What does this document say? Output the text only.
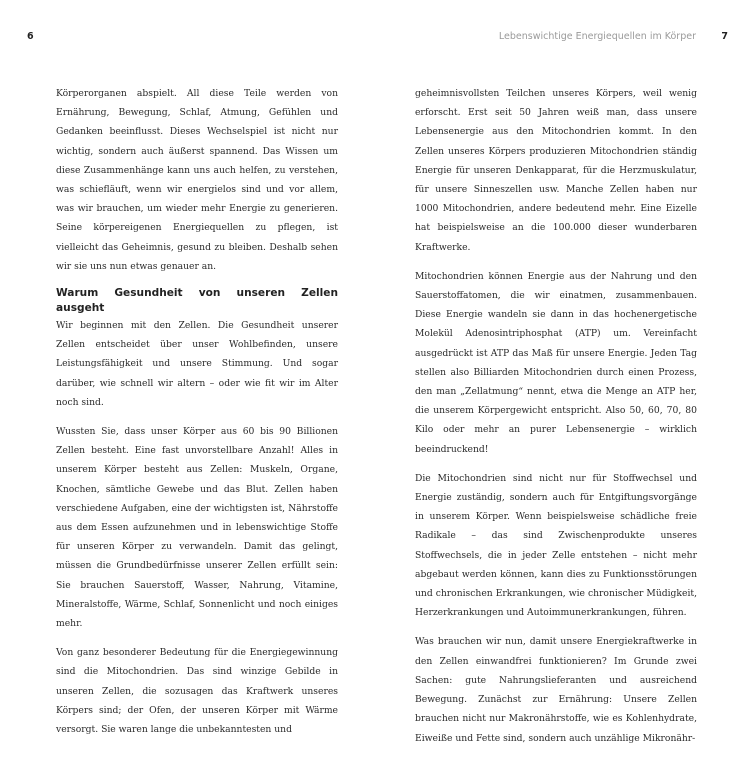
6	Lebenswichtige Energiequellen im Körper	7

Körperorganen abspielt. All diese Teile werden von Ernährung, Bewegung, Schlaf, Atmung, Gefühlen und Gedanken beeinflusst. Dieses Wechselspiel ist nicht nur wichtig, sondern auch äußerst spannend. Das Wissen um diese Zusammenhänge kann uns auch helfen, zu verstehen, was schiefläuft, wenn wir energielos sind und vor allem, was wir brauchen, um wieder mehr Energie zu generieren. Seine körpereigenen Energiequellen zu pflegen, ist vielleicht das Geheimnis, gesund zu bleiben. Deshalb sehen wir sie uns nun etwas genauer an.

Warum Gesundheit von unseren Zellen ausgeht

Wir beginnen mit den Zellen. Die Gesundheit unserer Zellen entscheidet über unser Wohlbefinden, unsere Leistungsfähigkeit und unsere Stimmung. Und sogar darüber, wie schnell wir altern – oder wie fit wir im Alter noch sind.

Wussten Sie, dass unser Körper aus 60 bis 90 Billionen Zellen besteht. Eine fast unvorstellbare Anzahl! Alles in unserem Körper besteht aus Zellen: Muskeln, Organe, Knochen, sämtliche Gewebe und das Blut. Zellen haben verschiedene Aufgaben, eine der wichtigsten ist, Nährstoffe aus dem Essen aufzunehmen und in lebenswichtige Stoffe für unseren Körper zu verwandeln. Damit das gelingt, müssen die Grundbedürfnisse unserer Zellen erfüllt sein: Sie brauchen Sauerstoff, Wasser, Nahrung, Vitamine, Mineralstoffe, Wärme, Schlaf, Sonnenlicht und noch einiges mehr.

Von ganz besonderer Bedeutung für die Energiegewinnung sind die Mitochondrien. Das sind winzige Gebilde in unseren Zellen, die sozusagen das Kraftwerk unseres Körpers sind; der Ofen, der unseren Körper mit Wärme versorgt. Sie waren lange die unbekanntesten und

geheimnisvollsten Teilchen unseres Körpers, weil wenig erforscht. Erst seit 50 Jahren weiß man, dass unsere Lebensenergie aus den Mitochondrien kommt. In den Zellen unseres Körpers produzieren Mitochondrien ständig Energie für unseren Denkapparat, für die Herzmuskulatur, für unsere Sinneszellen usw. Manche Zellen haben nur 1000 Mitochondrien, andere bedeutend mehr. Eine Eizelle hat beispielsweise an die 100.000 dieser wunderbaren Kraftwerke.

Mitochondrien können Energie aus der Nahrung und den Sauerstoffatomen, die wir einatmen, zusammenbauen. Diese Energie wandeln sie dann in das hochenergetische Molekül Adenosintriphosphat (ATP) um. Vereinfacht ausgedrückt ist ATP das Maß für unsere Energie. Jeden Tag stellen also Billiarden Mitochondrien durch einen Prozess, den man „Zellatmung“ nennt, etwa die Menge an ATP her, die unserem Körpergewicht entspricht. Also 50, 60, 70, 80 Kilo oder mehr an purer Lebensenergie – wirklich beeindruckend!

Die Mitochondrien sind nicht nur für Stoffwechsel und Energie zuständig, sondern auch für Entgiftungsvorgänge in unserem Körper. Wenn beispielsweise schädliche freie Radikale – das sind Zwischenprodukte unseres Stoffwechsels, die in jeder Zelle entstehen – nicht mehr abgebaut werden können, kann dies zu Funktionsstörungen und chronischen Erkrankungen, wie chronischer Müdigkeit, Herzerkrankungen und Autoimmunerkrankungen, führen.

Was brauchen wir nun, damit unsere Energiekraftwerke in den Zellen einwandfrei funktionieren? Im Grunde zwei Sachen: gute Nahrungslieferanten und ausreichend Bewegung. Zunächst zur Ernährung: Unsere Zellen brauchen nicht nur Makronährstoffe, wie es Kohlenhydrate, Eiweiße und Fette sind, sondern auch unzählige Mikronähr-
